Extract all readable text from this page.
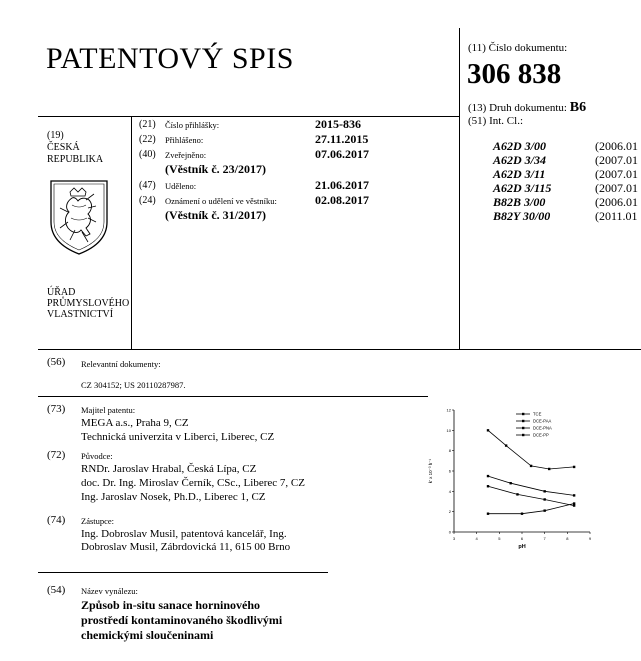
PATENTOVÝ SPIS	(11) Číslo dokumentu:
306 838
(13) Druh dokumentu: B6
(51) Int. Cl.:
A62D 3/00	(2006.01
A62D 3/34	(2007.01
A62D 3/11	(2007.01
A62D 3/115	(2007.01
B82B 3/00	(2006.01
B82Y 30/00	(2011.01
(19)
ČESKÁ
REPUBLIKA
ÚŘAD
PRŮMYSLOVÉHO
VLASTNICTVÍ
(21) Číslo přihlášky:	2015-836
(22) Přihlášeno:	27.11.2015
(40) Zveřejněno:	07.06.2017
(Věstník č. 23/2017)
(47) Uděleno:	21.06.2017
(24) Oznámení o udělení ve věstníku:	02.08.2017
(Věstník č. 31/2017)
(56) Relevantní dokumenty:
CZ 304152; US 20110287987.
(73) Majitel patentu:
MEGA a.s., Praha 9, CZ
Technická univerzita v Liberci, Liberec, CZ
(72) Původce:
RNDr. Jaroslav Hrabal, Česká Lípa, CZ
doc. Dr. Ing. Miroslav Černík, CSc., Liberec 7, CZ
Ing. Jaroslav Nosek, Ph.D., Liberec 1, CZ
(74) Zástupce:
Ing. Dobroslav Musil, patentová kancelář, Ing.
Dobroslav Musil, Zábrdovická 11, 615 00 Brno
(54) Název vynálezu:
Způsob in-situ sanace horninového
prostředí kontaminovaného škodlivými
chemickými sloučeninami
3	4	5	6	7	8	9
0
2
4
6
8
10
12
pH
k' x 10⁻³ h⁻¹
TCE
DCE-PAA
DCE-PNA
DCE-PP
